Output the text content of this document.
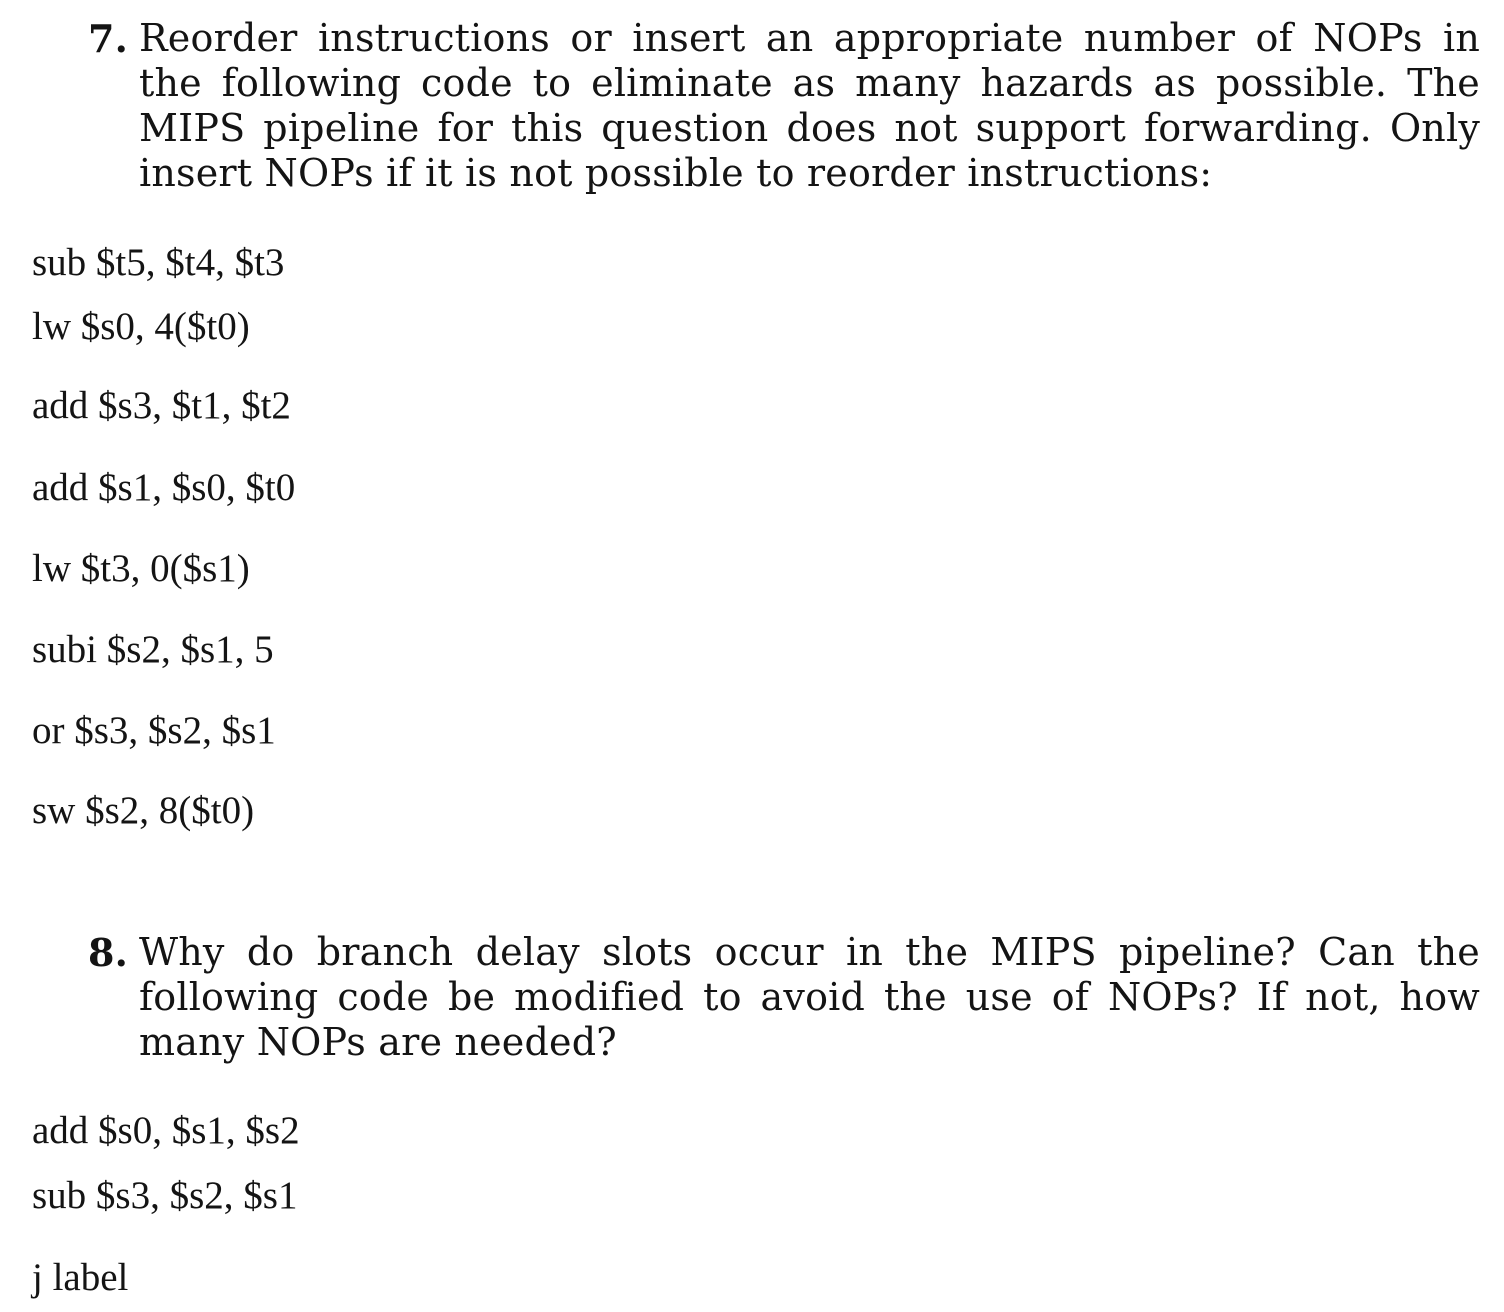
7. Reorder instructions or insert an appropriate number of NOPs in the following code to eliminate as many hazards as possible. The MIPS pipeline for this question does not support forwarding. Only insert NOPs if it is not possible to reorder instructions:
sub $t5, $t4, $t3
lw $s0, 4($t0)
add $s3, $t1, $t2
add $s1, $s0, $t0
lw $t3, 0($s1)
subi $s2, $s1, 5
or $s3, $s2, $s1
sw $s2, 8($t0)
8. Why do branch delay slots occur in the MIPS pipeline? Can the following code be modified to avoid the use of NOPs? If not, how many NOPs are needed?
add $s0, $s1, $s2
sub $s3, $s2, $s1
j label
